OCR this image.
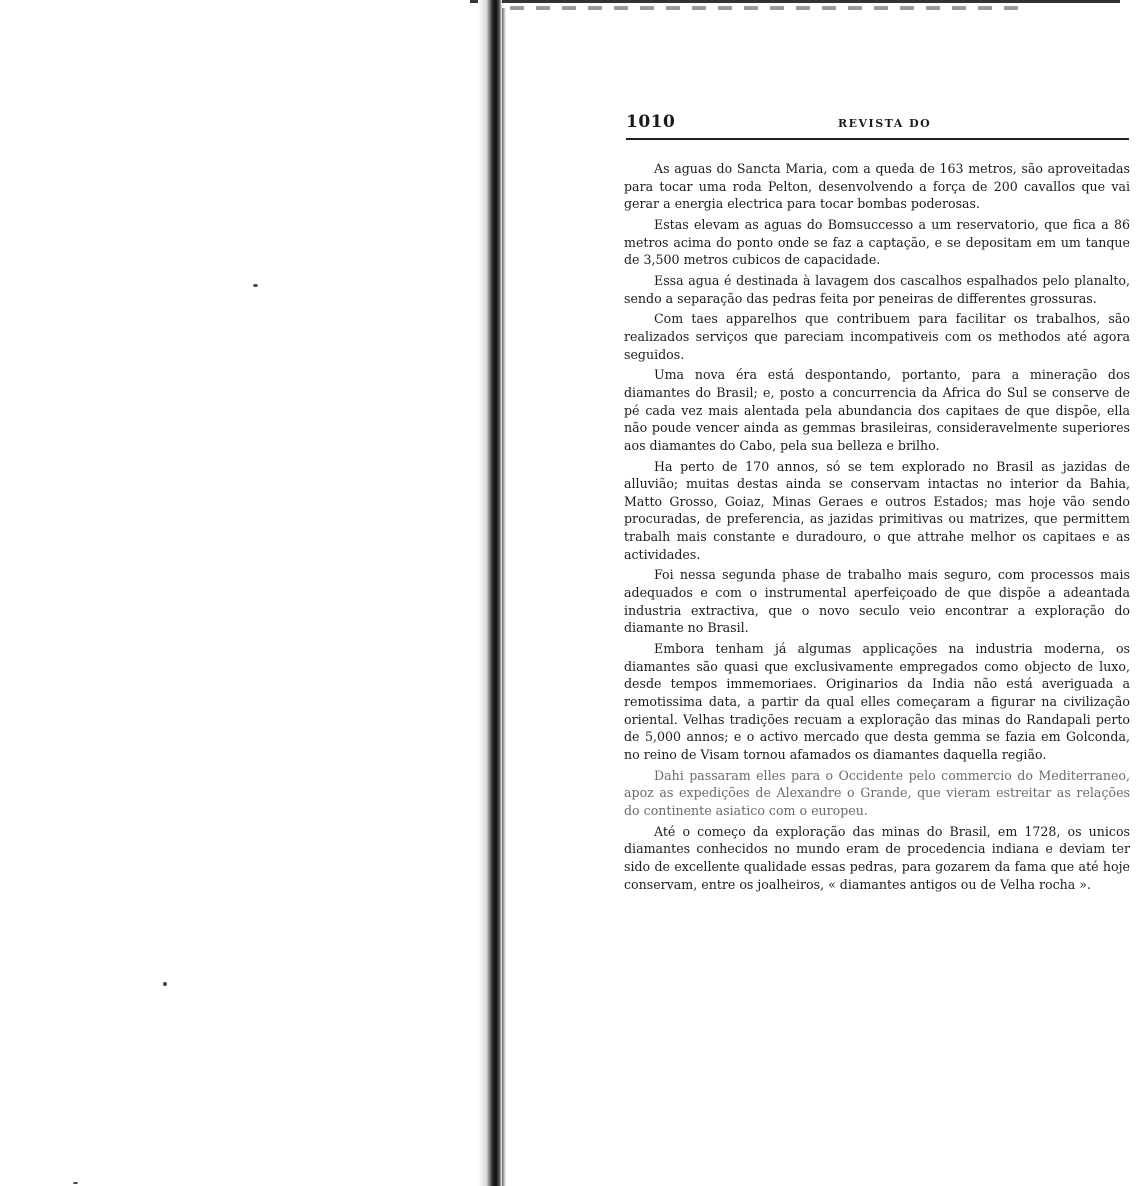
1010	REVISTA DO

As aguas do Sancta Maria, com a queda de 163 metros, são aproveitadas para tocar uma roda Pelton, desenvolvendo a força de 200 cavallos que vai gerar a energia electrica para tocar bombas poderosas.

Estas elevam as aguas do Bomsuccesso a um reservatorio, que fica a 86 metros acima do ponto onde se faz a captação, e se depositam em um tanque de 3,500 metros cubicos de capacidade.

Essa agua é destinada à lavagem dos cascalhos espalhados pelo planalto, sendo a separação das pedras feita por peneiras de differentes grossuras.

Com taes apparelhos que contribuem para facilitar os trabalhos, são realizados serviços que pareciam incompativeis com os methodos até agora seguidos.

Uma nova éra está despontando, portanto, para a mineração dos diamantes do Brasil; e, posto a concurrencia da Africa do Sul se conserve de pé cada vez mais alentada pela abundancia dos capitaes de que dispõe, ella não poude vencer ainda as gemmas brasileiras, consideravelmente superiores aos diamantes do Cabo, pela sua belleza e brilho.

Ha perto de 170 annos, só se tem explorado no Brasil as jazidas de alluvião; muitas destas ainda se conservam intactas no interior da Bahia, Matto Grosso, Goiaz, Minas Geraes e outros Estados; mas hoje vão sendo procuradas, de preferencia, as jazidas primitivas ou matrizes, que permittem trabalh mais constante e duradouro, o que attrahe melhor os capitaes e as actividades.

Foi nessa segunda phase de trabalho mais seguro, com processos mais adequados e com o instrumental aperfeiçoado de que dispõe a adeantada industria extractiva, que o novo seculo veio encontrar a exploração do diamante no Brasil.

Embora tenham já algumas applicações na industria moderna, os diamantes são quasi que exclusivamente empregados como objecto de luxo, desde tempos immemoriaes. Originarios da India não está averiguada a remotissima data, a partir da qual elles começaram a figurar na civilização oriental. Velhas tradições recuam a exploração das minas do Randapali perto de 5,000 annos; e o activo mercado que desta gemma se fazia em Golconda, no reino de Visam tornou afamados os diamantes daquella região.

Dahi passaram elles para o Occidente pelo commercio do Mediterraneo, apoz as expedições de Alexandre o Grande, que vieram estreitar as relações do continente asiatico com o europeu.

Até o começo da exploração das minas do Brasil, em 1728, os unicos diamantes conhecidos no mundo eram de procedencia indiana e deviam ter sido de excellente qualidade essas pedras, para gozarem da fama que até hoje conservam, entre os joalheiros, « diamantes antigos ou de Velha rocha ».
